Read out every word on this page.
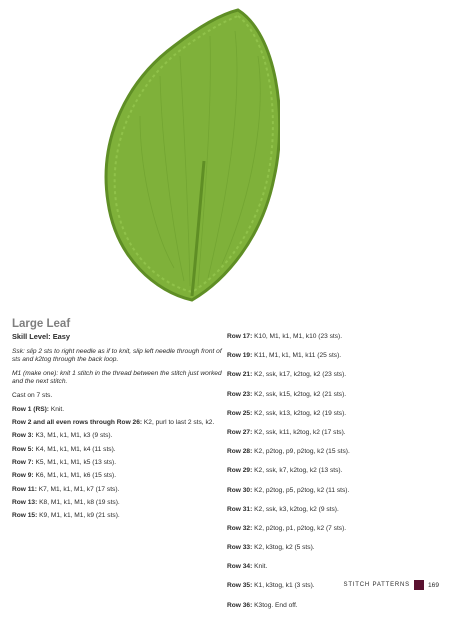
Large Leaf

Skill Level: Easy

Ssk: slip 2 sts to right needle as if to knit, slip left needle through front of sts and k2tog through the back loop.

M1 (make one): knit 1 stitch in the thread between the stitch just worked and the next stitch.

Cast on 7 sts.

Row 1 (RS): Knit.

Row 2 and all even rows through Row 26: K2, purl to last 2 sts, k2.

Row 3: K3, M1, k1, M1, k3 (9 sts).

Row 5: K4, M1, k1, M1, k4 (11 sts).

Row 7: K5, M1, k1, M1, k5 (13 sts).

Row 9: K6, M1, k1, M1, k6 (15 sts).

Row 11: K7, M1, k1, M1, k7 (17 sts).

Row 13: K8, M1, k1, M1, k8 (19 sts).

Row 15: K9, M1, k1, M1, k9 (21 sts).

Row 17: K10, M1, k1, M1, k10 (23 sts).

Row 19: K11, M1, k1, M1, k11 (25 sts).

Row 21: K2, ssk, k17, k2tog, k2 (23 sts).

Row 23: K2, ssk, k15, k2tog, k2 (21 sts).

Row 25: K2, ssk, k13, k2tog, k2 (19 sts).

Row 27: K2, ssk, k11, k2tog, k2 (17 sts).

Row 28: K2, p2tog, p9, p2tog, k2 (15 sts).

Row 29: K2, ssk, k7, k2tog, k2 (13 sts).

Row 30: K2, p2tog, p5, p2tog, k2 (11 sts).

Row 31: K2, ssk, k3, k2tog, k2 (9 sts).

Row 32: K2, p2tog, p1, p2tog, k2 (7 sts).

Row 33: K2, k3tog, k2 (5 sts).

Row 34: Knit.

Row 35: K1, k3tog, k1 (3 sts).

Row 36: K3tog. End off.

STITCH PATTERNS	169
